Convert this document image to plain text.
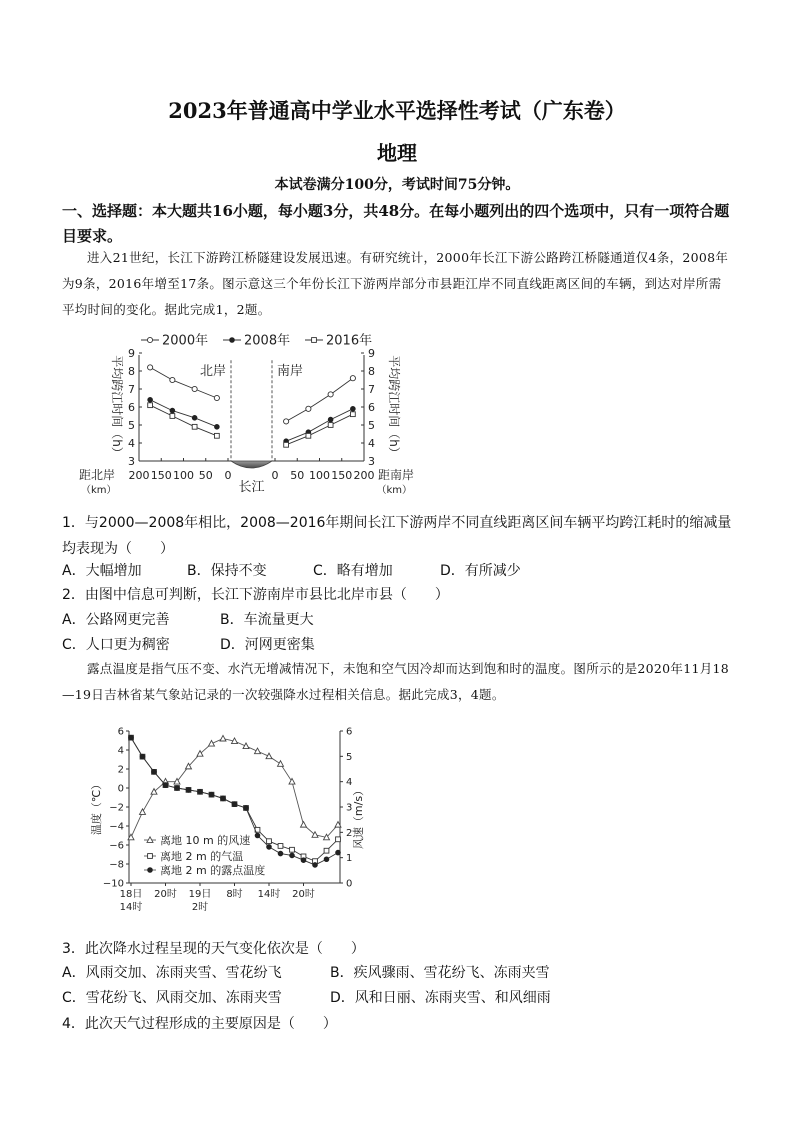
2023年普通高中学业水平选择性考试（广东卷）
地理
本试卷满分100分，考试时间75分钟。
一、选择题：本大题共16小题，每小题3分，共48分。在每小题列出的四个选项中，只有一项符合题目要求。
进入21世纪，长江下游跨江桥隧建设发展迅速。有研究统计，2000年长江下游公路跨江桥隧通道仅4条，2008年为9条，2016年增至17条。图示意这三个年份长江下游两岸部分市县距江岸不同直线距离区间的车辆，到达对岸所需平均时间的变化。据此完成1，2题。
3	3
4	4
5	5
6	6
7	7
8	8
9	9
200 150 100 50 0	0 50 100 150 200
北岸	南岸
长江
平均跨江时间（h）	平均跨江时间（h）
距北岸
（km）
距南岸
（km）
2000年	2008年	2016年
1．与2000—2008年相比，2008—2016年期间长江下游两岸不同直线距离区间车辆平均跨江耗时的缩减量均表现为（　　）
A．大幅增加	B．保持不变	C．略有增加	D．有所减少
2．由图中信息可判断，长江下游南岸市县比北岸市县（　　）
A．公路网更完善	B．车流量更大
C．人口更为稠密	D．河网更密集
露点温度是指气压不变、水汽无增减情况下，未饱和空气因冷却而达到饱和时的温度。图所示的是2020年11月18—19日吉林省某气象站记录的一次较强降水过程相关信息。据此完成3，4题。
6
4
2
0
−2
−4
−6
−8
−10
6
5
4
3
2
1
0
18日
14时
20时 19日
2时
8时 14时 20时
温度（℃）	风速（m/s）
离地 10 m 的风速
离地 2 m 的气温
离地 2 m 的露点温度
3．此次降水过程呈现的天气变化依次是（　　）
A．风雨交加、冻雨夹雪、雪花纷飞	B．疾风骤雨、雪花纷飞、冻雨夹雪
C．雪花纷飞、风雨交加、冻雨夹雪	D．风和日丽、冻雨夹雪、和风细雨
4．此次天气过程形成的主要原因是（　　）
